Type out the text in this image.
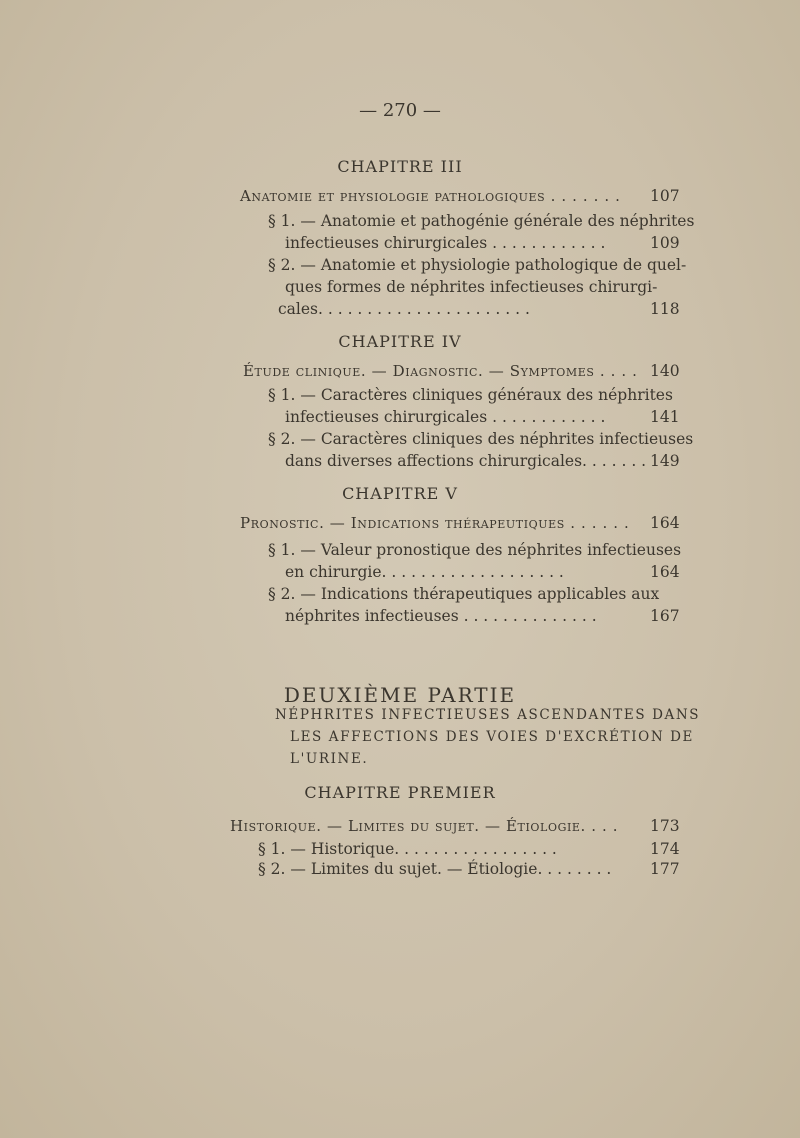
— 270 —
CHAPITRE III
Anatomie et physiologie pathologiques . . . . . . . 107
§ 1. — Anatomie et pathogénie générale des néphrites
infectieuses chirurgicales . . . . . . . . . . . .	109
§ 2. — Anatomie et physiologie pathologique de quel-
ques formes de néphrites infectieuses chirurgi-
cales. . . . . . . . . . . . . . . . . . . . . .	118
CHAPITRE IV
Étude clinique. — Diagnostic. — Symptomes . . . . 140
§ 1. — Caractères cliniques généraux des néphrites
infectieuses chirurgicales . . . . . . . . . . . .	141
§ 2. — Caractères cliniques des néphrites infectieuses
dans diverses affections chirurgicales. . . . . . . 149
CHAPITRE V
Pronostic. — Indications thérapeutiques . . . . . . 164
§ 1. — Valeur pronostique des néphrites infectieuses
en chirurgie. . . . . . . . . . . . . . . . . . .	164
§ 2. — Indications thérapeutiques applicables aux
néphrites infectieuses . . . . . . . . . . . . . .	167
DEUXIÈME PARTIE
NÉPHRITES INFECTIEUSES ASCENDANTES DANS
LES AFFECTIONS DES VOIES D'EXCRÉTION DE
L'URINE.
CHAPITRE PREMIER
Historique. — Limites du sujet. — Étiologie. . . . 173
§ 1. — Historique. . . . . . . . . . . . . . . . .	174
§ 2. — Limites du sujet. — Étiologie. . . . . . . . 177
